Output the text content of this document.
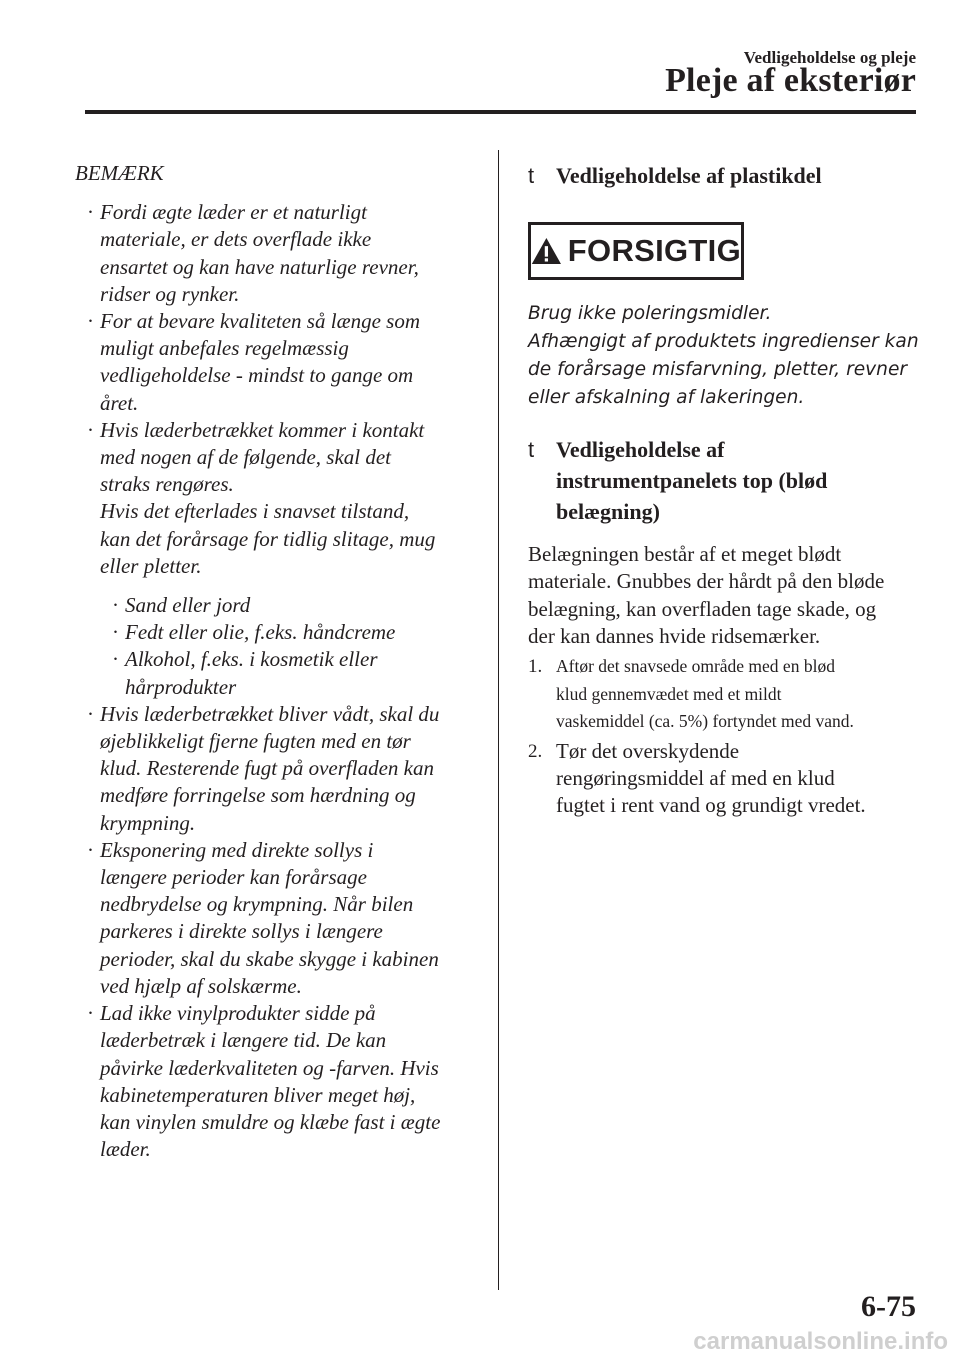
Vedligeholdelse og pleje
Pleje af eksteriør
BEMÆRK
· Fordi ægte læder er et naturligt
materiale, er dets overflade ikke
ensartet og kan have naturlige revner,
ridser og rynker.
· For at bevare kvaliteten så længe som
muligt anbefales regelmæssig
vedligeholdelse - mindst to gange om
året.
· Hvis læderbetrækket kommer i kontakt
med nogen af de følgende, skal det
straks rengøres.
Hvis det efterlades i snavset tilstand,
kan det forårsage for tidlig slitage, mug
eller pletter.
· Sand eller jord
· Fedt eller olie, f.eks. håndcreme
· Alkohol, f.eks. i kosmetik eller
hårprodukter
· Hvis læderbetrækket bliver vådt, skal du
øjeblikkeligt fjerne fugten med en tør
klud. Resterende fugt på overfladen kan
medføre forringelse som hærdning og
krympning.
· Eksponering med direkte sollys i
længere perioder kan forårsage
nedbrydelse og krympning. Når bilen
parkeres i direkte sollys i længere
perioder, skal du skabe skygge i kabinen
ved hjælp af solskærme.
· Lad ikke vinylprodukter sidde på
læderbetræk i længere tid. De kan
påvirke læderkvaliteten og -farven. Hvis
kabinetemperaturen bliver meget høj,
kan vinylen smuldre og klæbe fast i ægte
læder.
t Vedligeholdelse af plastikdel
FORSIGTIG
Brug ikke poleringsmidler.
Afhængigt af produktets ingredienser kan
de forårsage misfarvning, pletter, revner
eller afskalning af lakeringen.
t Vedligeholdelse af
instrumentpanelets top (blød
belægning)
Belægningen består af et meget blødt
materiale. Gnubbes der hårdt på den bløde
belægning, kan overfladen tage skade, og
der kan dannes hvide ridsemærker.
1. Aftør det snavsede område med en blød
klud gennemvædet med et mildt
vaskemiddel (ca. 5%) fortyndet med vand.
2. Tør det overskydende
rengøringsmiddel af med en klud
fugtet i rent vand og grundigt vredet.
6-75
carmanualsonline.info
